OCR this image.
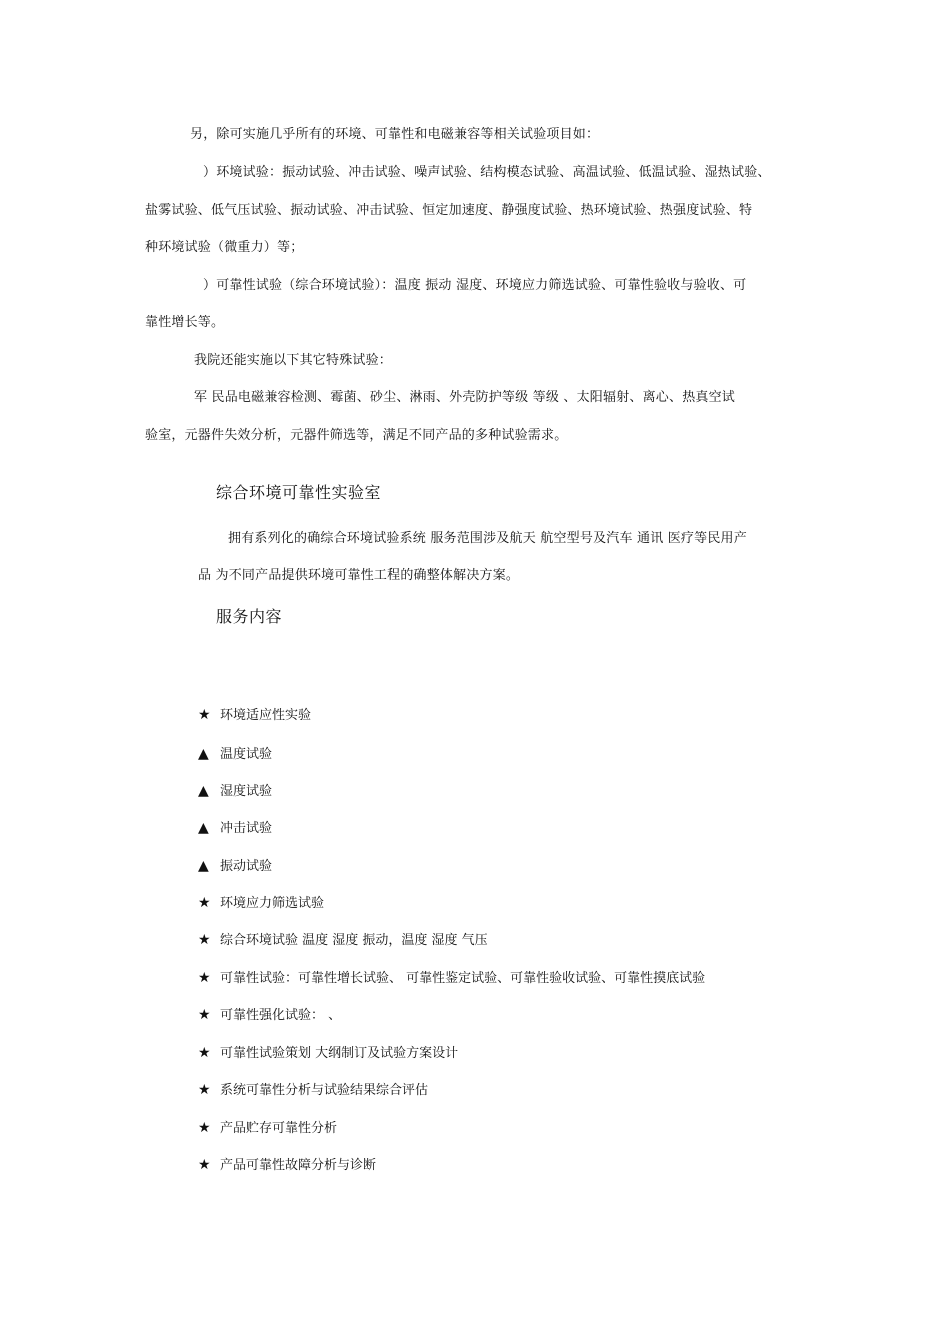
另，除可实施几乎所有的环境、可靠性和电磁兼容等相关试验项目如：
）环境试验：振动试验、冲击试验、噪声试验、结构模态试验、高温试验、低温试验、湿热试验、
盐雾试验、低气压试验、振动试验、冲击试验、恒定加速度、静强度试验、热环境试验、热强度试验、特
种环境试验（微重力）等；
）可靠性试验（综合环境试验）：温度 振动 湿度、环境应力筛选试验、可靠性验收与验收、可
靠性增长等。
我院还能实施以下其它特殊试验：
军 民品电磁兼容检测、霉菌、砂尘、淋雨、外壳防护等级 等级 、太阳辐射、离心、热真空试
验室，元器件失效分析，元器件筛选等，满足不同产品的多种试验需求。
综合环境可靠性实验室
拥有系列化的确综合环境试验系统 服务范围涉及航天 航空型号及汽车 通讯 医疗等民用产
品 为不同产品提供环境可靠性工程的确整体解决方案。
服务内容
★ 环境适应性实验
▲ 温度试验
▲ 湿度试验
▲ 冲击试验
▲ 振动试验
★ 环境应力筛选试验
★ 综合环境试验 温度 湿度 振动，温度 湿度 气压
★ 可靠性试验：可靠性增长试验、 可靠性鉴定试验、可靠性验收试验、可靠性摸底试验
★ 可靠性强化试验： 、
★ 可靠性试验策划 大纲制订及试验方案设计
★ 系统可靠性分析与试验结果综合评估
★ 产品贮存可靠性分析
★ 产品可靠性故障分析与诊断
